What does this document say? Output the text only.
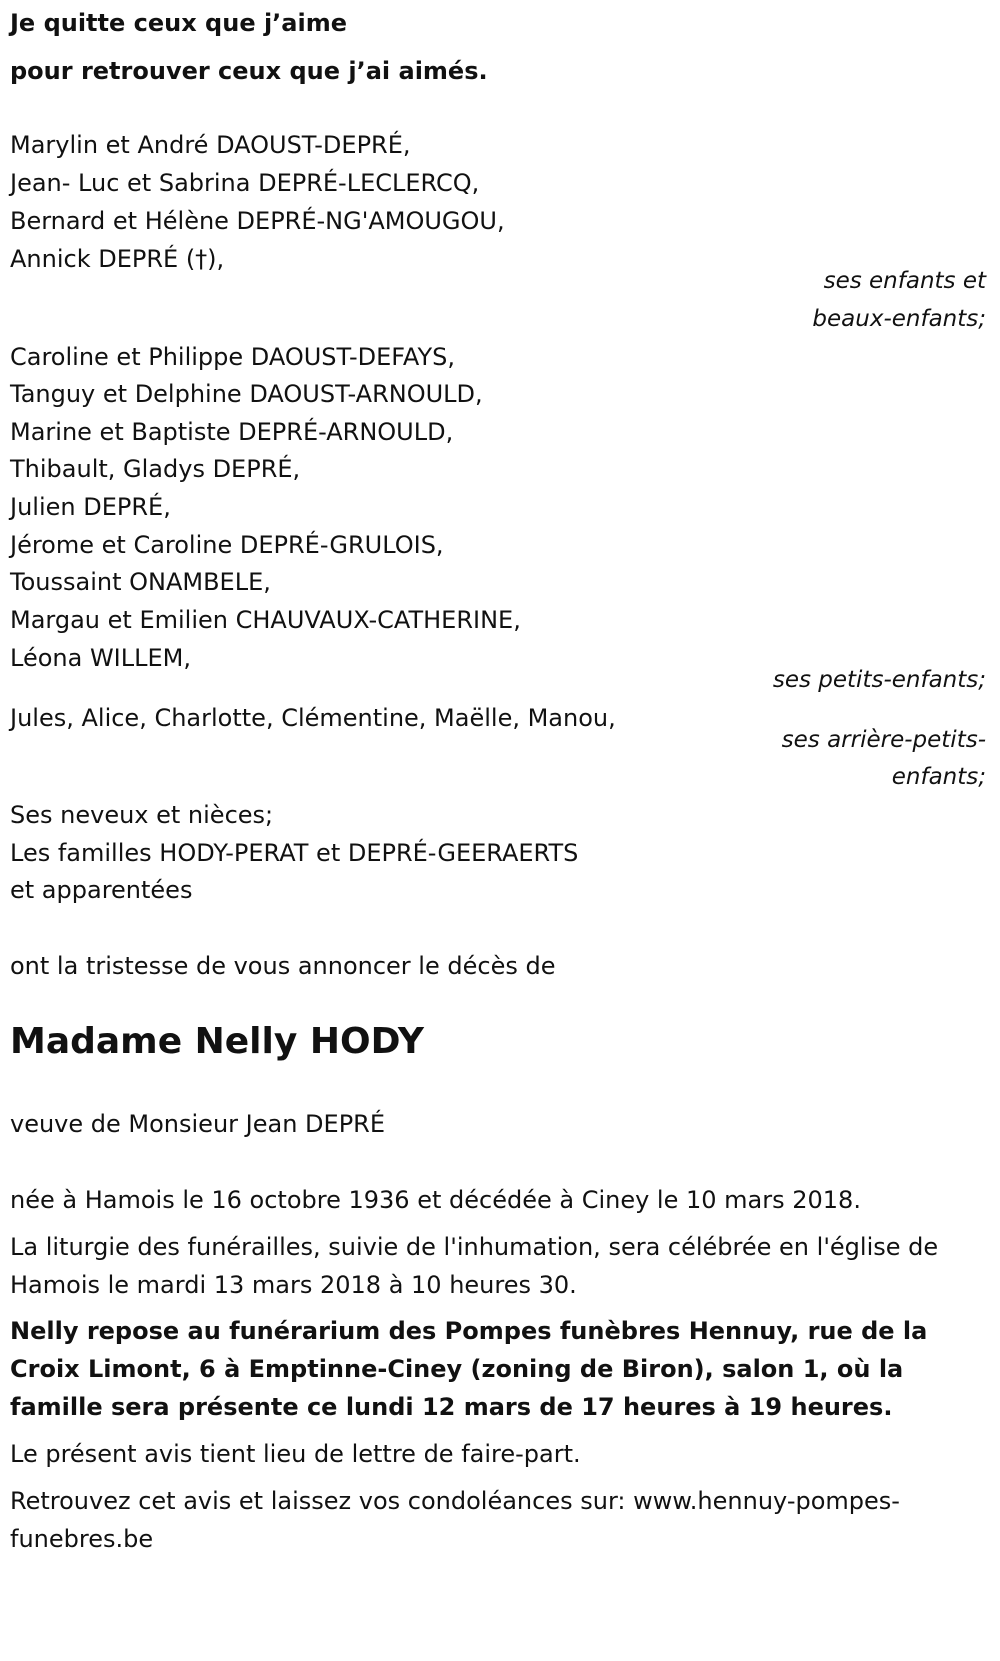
Je quitte ceux que j’aime
pour retrouver ceux que j’ai aimés.
Marylin et André DAOUST-DEPRÉ,
Jean- Luc et Sabrina DEPRÉ-LECLERCQ,
Bernard et Hélène DEPRÉ-NG'AMOUGOU,
Annick DEPRÉ (†),
ses enfants et
beaux-enfants;
Caroline et Philippe DAOUST-DEFAYS,
Tanguy et Delphine DAOUST-ARNOULD,
Marine et Baptiste DEPRÉ-ARNOULD,
Thibault, Gladys DEPRÉ,
Julien DEPRÉ,
Jérome et Caroline DEPRÉ-GRULOIS,
Toussaint ONAMBELE,
Margau et Emilien CHAUVAUX-CATHERINE,
Léona WILLEM,
ses petits-enfants;
Jules, Alice, Charlotte, Clémentine, Maëlle, Manou,
ses arrière-petits-
enfants;
Ses neveux et nièces;
Les familles HODY-PERAT et DEPRÉ-GEERAERTS
et apparentées
ont la tristesse de vous annoncer le décès de
Madame Nelly HODY
veuve de Monsieur Jean DEPRÉ
née à Hamois le 16 octobre 1936 et décédée à Ciney le 10 mars 2018.
La liturgie des funérailles, suivie de l'inhumation, sera célébrée en l'église de Hamois le mardi 13 mars 2018 à 10 heures 30.
Nelly repose au funérarium des Pompes funèbres Hennuy, rue de la Croix Limont, 6 à Emptinne-Ciney (zoning de Biron), salon 1, où la famille sera présente ce lundi 12 mars de 17 heures à 19 heures.
Le présent avis tient lieu de lettre de faire-part.
Retrouvez cet avis et laissez vos condoléances sur: www.hennuy-pompes-funebres.be
